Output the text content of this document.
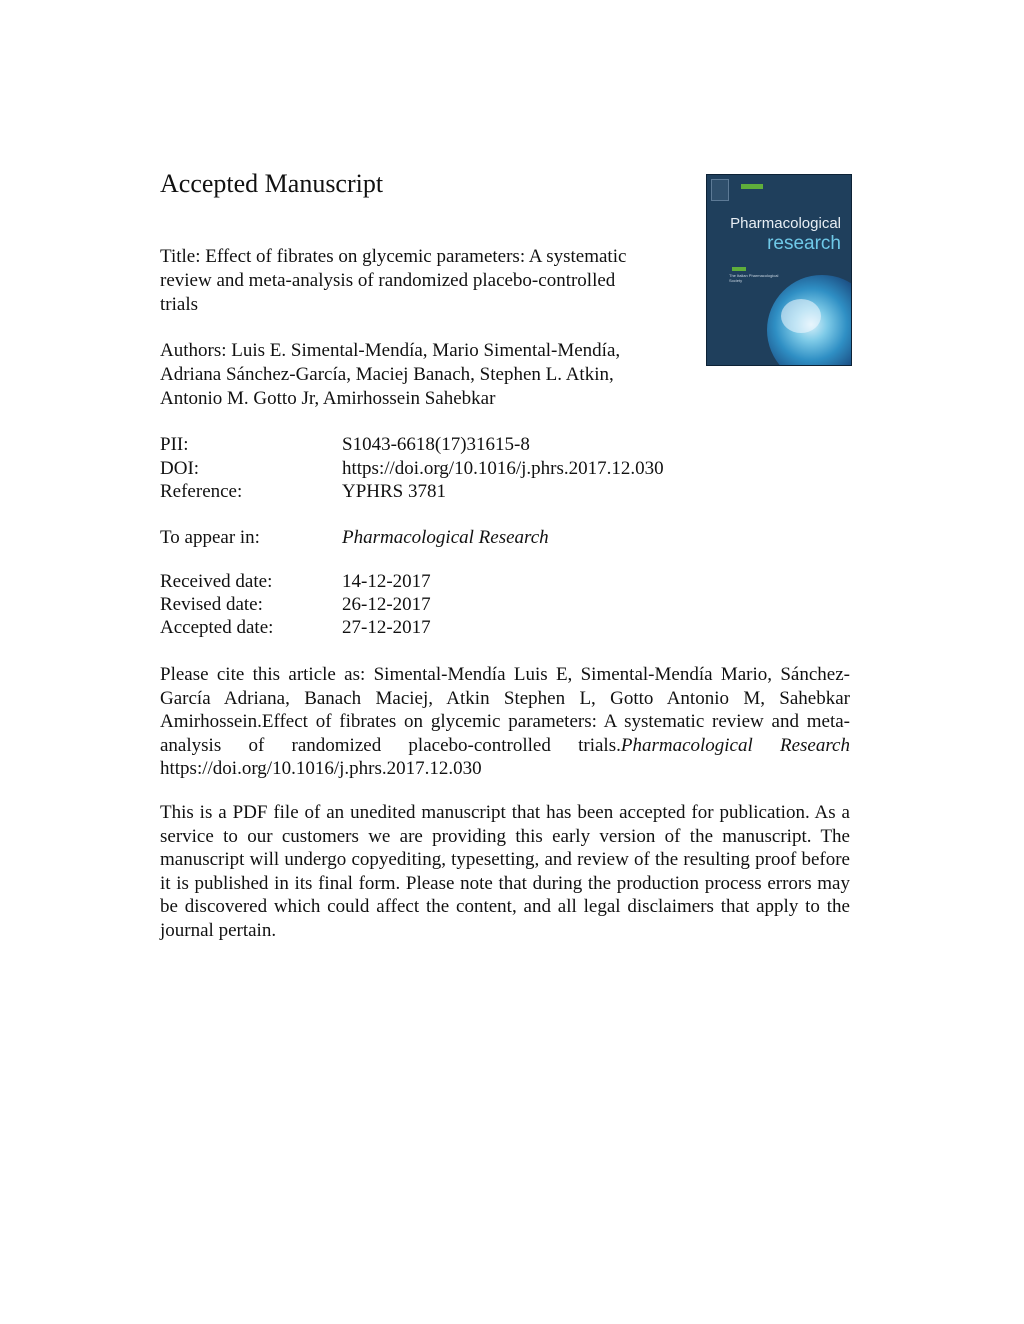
Accepted Manuscript
Title: Effect of fibrates on glycemic parameters: A systematic
review and meta-analysis of randomized placebo-controlled
trials
Authors: Luis E. Simental-Mendía, Mario Simental-Mendía,
Adriana Sánchez-García, Maciej Banach, Stephen L. Atkin,
Antonio M. Gotto Jr, Amirhossein Sahebkar
PII:	S1043-6618(17)31615-8
DOI:	https://doi.org/10.1016/j.phrs.2017.12.030
Reference:	YPHRS 3781
To appear in:	Pharmacological Research
Received date:	14-12-2017
Revised date:	26-12-2017
Accepted date:	27-12-2017

Please cite this article as: Simental-Mendía Luis E, Simental-Mendía Mario, Sánchez-García Adriana, Banach Maciej, Atkin Stephen L, Gotto Antonio M, Sahebkar Amirhossein.Effect of fibrates on glycemic parameters: A systematic review and meta-analysis of randomized placebo-controlled trials.Pharmacological Research https://doi.org/10.1016/j.phrs.2017.12.030

This is a PDF file of an unedited manuscript that has been accepted for publication. As a service to our customers we are providing this early version of the manuscript. The manuscript will undergo copyediting, typesetting, and review of the resulting proof before it is published in its final form. Please note that during the production process errors may be discovered which could affect the content, and all legal disclaimers that apply to the journal pertain.

Pharmacological
research
The Italian Pharmacological Society
